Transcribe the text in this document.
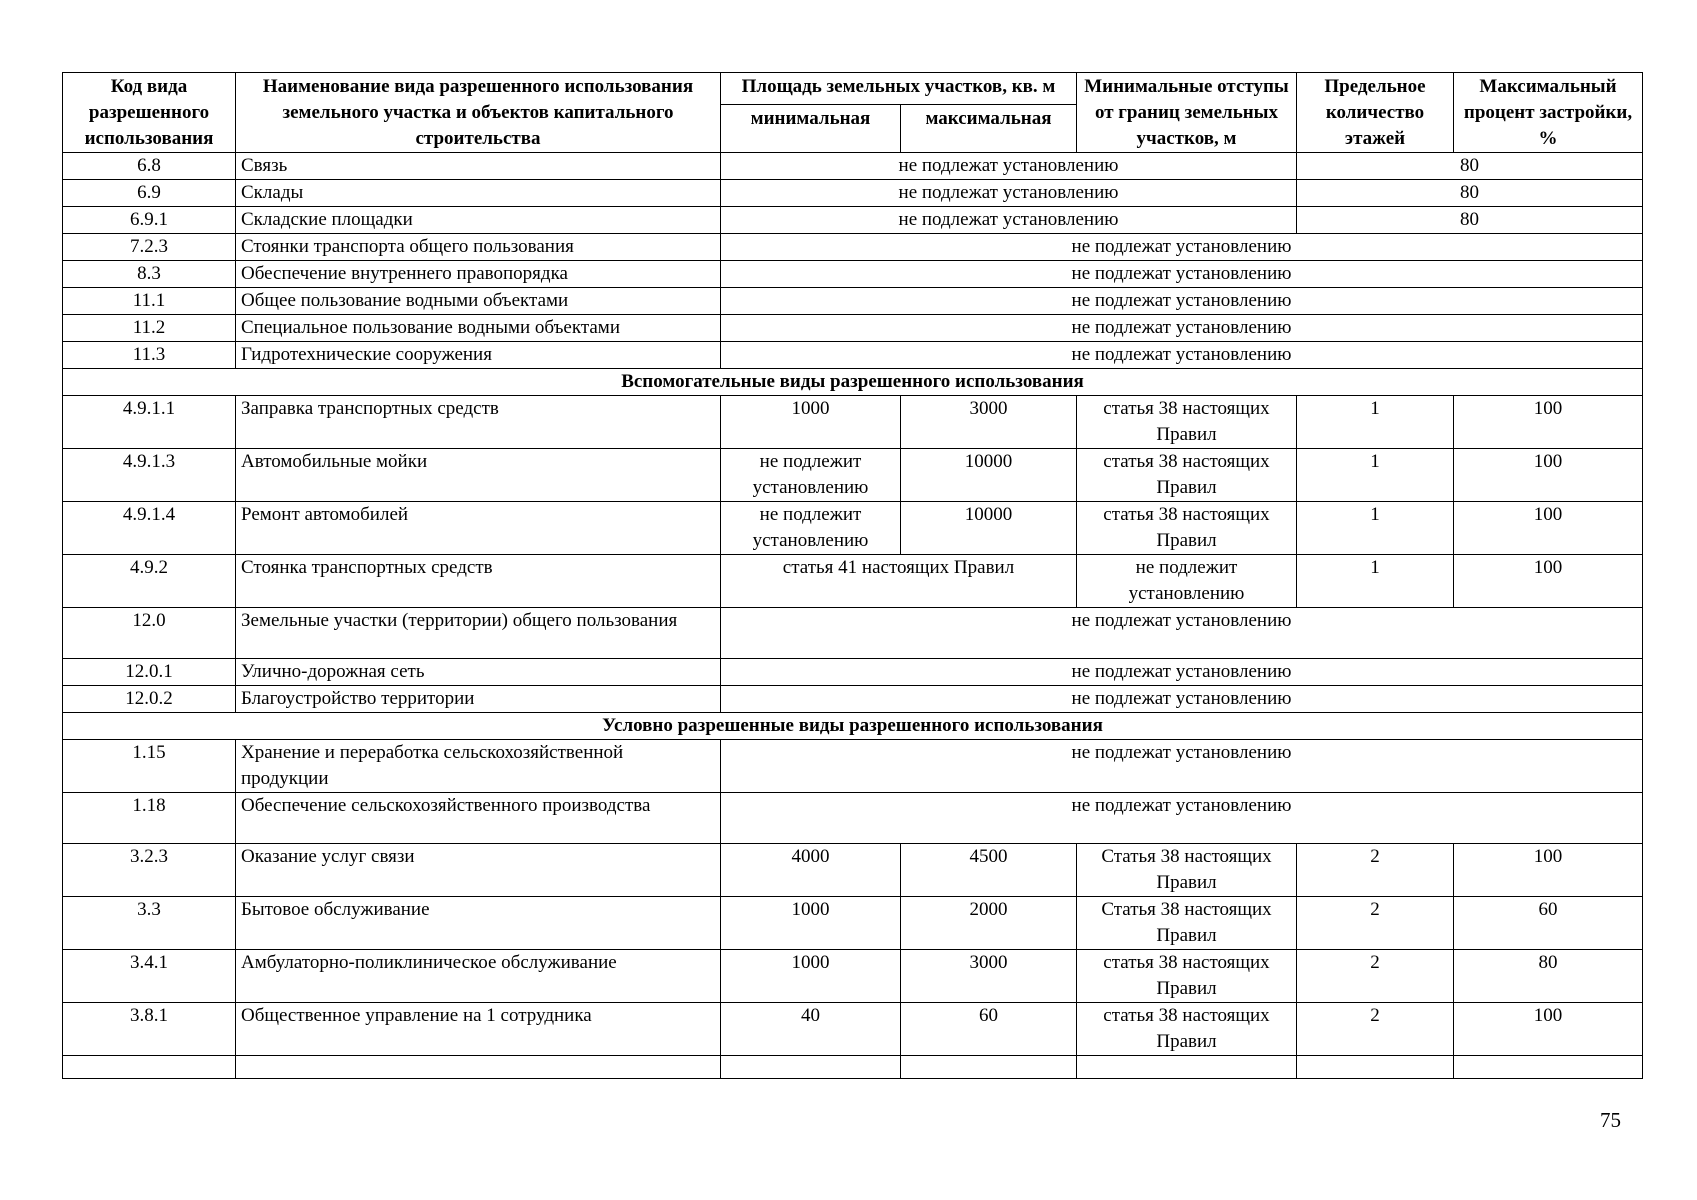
Код вида разрешенного использования	Наименование вида разрешенного использования земельного участка и объектов капитального строительства	Площадь земельных участков, кв. м		Минимальные отступы от границ земельных участков, м	Предельное количество этажей	Максимальный процент застройки, %
		минимальная	максимальная			
6.8	Связь	не подлежат установлению			80	
6.9	Склады	не подлежат установлению			80	
6.9.1	Складские площадки	не подлежат установлению			80	
7.2.3	Стоянки транспорта общего пользования	не подлежат установлению				
8.3	Обеспечение внутреннего правопорядка	не подлежат установлению				
11.1	Общее пользование водными объектами	не подлежат установлению				
11.2	Специальное пользование водными объектами	не подлежат установлению				
11.3	Гидротехнические сооружения	не подлежат установлению				
Вспомогательные виды разрешенного использования						
4.9.1.1	Заправка транспортных средств	1000	3000	статья 38 настоящих Правил	1	100
4.9.1.3	Автомобильные мойки	не подлежит установлению	10000	статья 38 настоящих Правил	1	100
4.9.1.4	Ремонт автомобилей	не подлежит установлению	10000	статья 38 настоящих Правил	1	100
4.9.2	Стоянка транспортных средств	статья 41 настоящих Правил		не подлежит установлению	1	100
12.0	Земельные участки (территории) общего пользования	не подлежат установлению				
12.0.1	Улично-дорожная сеть	не подлежат установлению				
12.0.2	Благоустройство территории	не подлежат установлению				
Условно разрешенные виды разрешенного использования						
1.15	Хранение и переработка сельскохозяйственной продукции	не подлежат установлению				
1.18	Обеспечение сельскохозяйственного производства	не подлежат установлению				
3.2.3	Оказание услуг связи	4000	4500	Статья 38 настоящих Правил	2	100
3.3	Бытовое обслуживание	1000	2000	Статья 38 настоящих Правил	2	60
3.4.1	Амбулаторно-поликлиническое обслуживание	1000	3000	статья 38 настоящих Правил	2	80
3.8.1	Общественное управление на 1 сотрудника	40	60	статья 38 настоящих Правил	2	100

75
